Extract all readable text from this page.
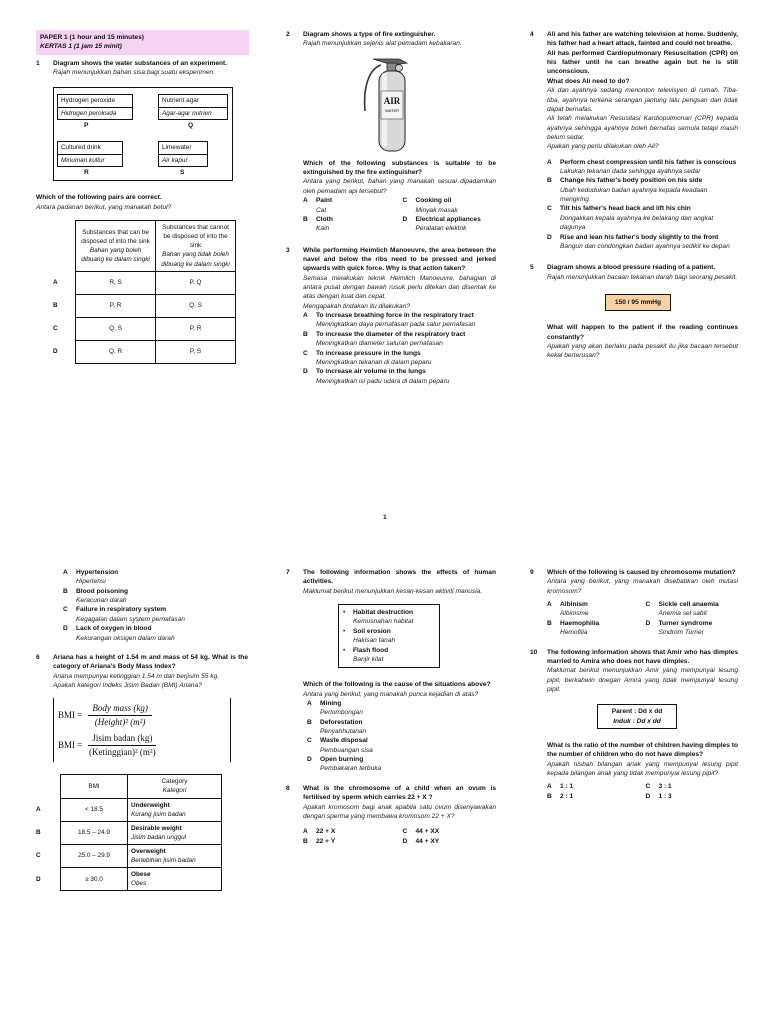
PAPER 1 (1 hour and 15 minutes)
KERTAS 1 (1 jam 15 minit)
1 Diagram shows the water substances of an experiment.
Rajah menunjukkan bahan sisa bagi suatu eksperimen.
Hydrogen peroxide
Hidrogen peroksida
P
Nutrient agar
Agar-agar nutrien
Q
Cultured drink
Minuman kultur
R
Limewater
Air kapur
S
Which of the following pairs are correct.
Antara padanan berikut, yang manakah betul?
	Substances that can be disposed of into the sink
Bahan yang boleh dibuang ke dalam singki	Substances that cannot be disposed of into the sink
Bahan yang tidak boleh dibuang ke dalam singki
A	R, S	P, Q
B	P, R	Q, S
C	Q, S	P, R
D	Q, R	P, S
2 Diagram shows a type of fire extinguisher.
Rajah menunjukkan sejenis alat pemadam kebakaran.
AIR
WATER
Which of the following substances is suitable to be extinguished by the fire extinguisher?
Antara yang berikut, bahan yang manakah sesuai dipadamkan oleh pemadam api tersebut?
A Paint
Cat
C Cooking oil
Minyak masak
B Cloth
Kain
D Electrical appliances
Peralatan elektrik
3 While performing Heimlich Manoeuvre, the area between the navel and below the ribs need to be pressed and jerked upwards with quick force. Why is that action taken?
Semasa melakukan teknik Heimlich Manoeuvre, bahagian di antara pusat dengan bawah rusuk perlu ditekan dan disentak ke atas dengan kuat dan cepat.
Mengapakah tindakan itu dilakukan?
A To increase breathing force in the respiratory tract
Meningkatkan daya pernafasan pada salur pernafasan
B To increase the diameter of the respiratory tract
Meningkatkan diameter saluran pernafasan
C To increase pressure in the lungs
Meningkatkan tekanan di dalam peparu
D To increase air volume in the lungs
Meningkatkan isi padu udara di dalam peparu
1
4 Ali and his father are watching television at home. Suddenly, his father had a heart attack, fainted and could not breathe.
Ali has performed Cardiopulmonary Resuscitation (CPR) on his father until he can breathe again but he is still unconscious.
What does Ali need to do?
Ali dan ayahnya sedang menonton televisyen di rumah. Tiba-tiba, ayahnya terkena serangan jantung lalu pengsan dan tidak dapat bernafas.
Ali telah melakukan Resusitasi Kardiopulmonari (CPR) kepada ayahnya sehingga ayahnya boleh bernafas semula tetapi masih belum sedar.
Apakah yang perlu dilakukan oleh Ali?
A Perform chest compression until his father is conscious
Lakukan tekanan dada sehingga ayahnya sedar
B Change his father's body position on his side
Ubah kedudukan badan ayahnya kepada keadaan mengiring
C Tilt his father's head back and lift his chin
Dongakkan kepala ayahnya ke belakang dan angkat dagunya
D Rise and lean his father's body slightly to the front
Bangun dan condongkan badan ayahnya sedikit ke depan
5 Diagram shows a blood pressure reading of a patient.
Rajah menunjukkan bacaan tekanan darah bagi seorang pesakit.
150 / 95 mmHg
What will happen to the patient if the reading continues constantly?
Apakah yang akan berlaku pada pesakit itu jika bacaan tersebut kekal berterusan?
A Hypertension
Hipertensi
B Blood poisoning
Keracunan darah
C Failure in respiratory system
Kegagalan dalam system pernafasan
D Lack of oxygen in blood
Kekurangan oksigen dalam darah
6 Ariana has a height of 1.54 m and mass of 54 kg. What is the category of Ariana's Body Mass Index?
Ariana mempunyai ketinggian 1.54 m dan berjisim 55 kg.
Apakah kategori Indeks Jisim Badan (BMI) Ariana?
BMI =
Body mass (kg)
(Height)² (m²)
BMI =
Jisim badan (kg)
(Ketinggian)² (m²)
	BMI	Category
Kategori
A	< 18.5	Underweight
Kurang jisim badan
B	18.5 – 24.9	Desirable weight
Jisim badan unggul
C	25.0 – 29.9	Overweight
Berlebihan jisim badan
D	≥ 30.0	Obese
Obes
7 The following information shows the effects of human activities.
Maklumat berikut menunjukkan kesan-kesan aktiviti manusia.
• Habitat destruction
Kemusnahan habitat
• Soil erosion
Hakisan tanah
• Flash flood
Banjir kilat
Which of the following is the cause of the situations above?
Antara yang berikut, yang manakah punca kejadian di atas?
A Mining
Perlombongan
B Deforestation
Penyahhutanan
C Waste disposal
Pembuangan sisa
D Open burning
Pembakaran terbuka
8 What is the chromosome of a child when an ovum is fertilised by sperm which carries 22 + X ?
Apakah kromosom bagi anak apabila satu ovum disenyawakan dengan sperma yang membawa kromosom 22 + X?
A 22 + X	C 44 + XX
B 22 + Y	D 44 + XY
9 Which of the following is caused by chromosome mutation?
Antara yang berikut, yang manakah disebabkan oleh mutasi kromosom?
A Albinism
Albinisme
C Sickle cell anaemia
Anemia sel sabit
B Haemophilia
Hemofilia
D Turner syndrome
Sindrom Turner
10 The following information shows that Amir who has dimples married to Amira who does not have dimples.
Maklumat berikut menunjukkan Amir yang mempunyai lesung pipit, berkahwin dnegan Amira yang tidak mempunyai lesung pipit.
Parent : Dd x dd
Induk : Dd x dd
What is the ratio of the number of children having dimples to the number of children who do not have dimples?
Apakah nisbah bilangan anak yang mempunyai lesung pipit kepada bilangan anak yang tidak mempunyai lesung pipit?
A 1 : 1	C 3 : 1
B 2 : 1	D 1 : 3
